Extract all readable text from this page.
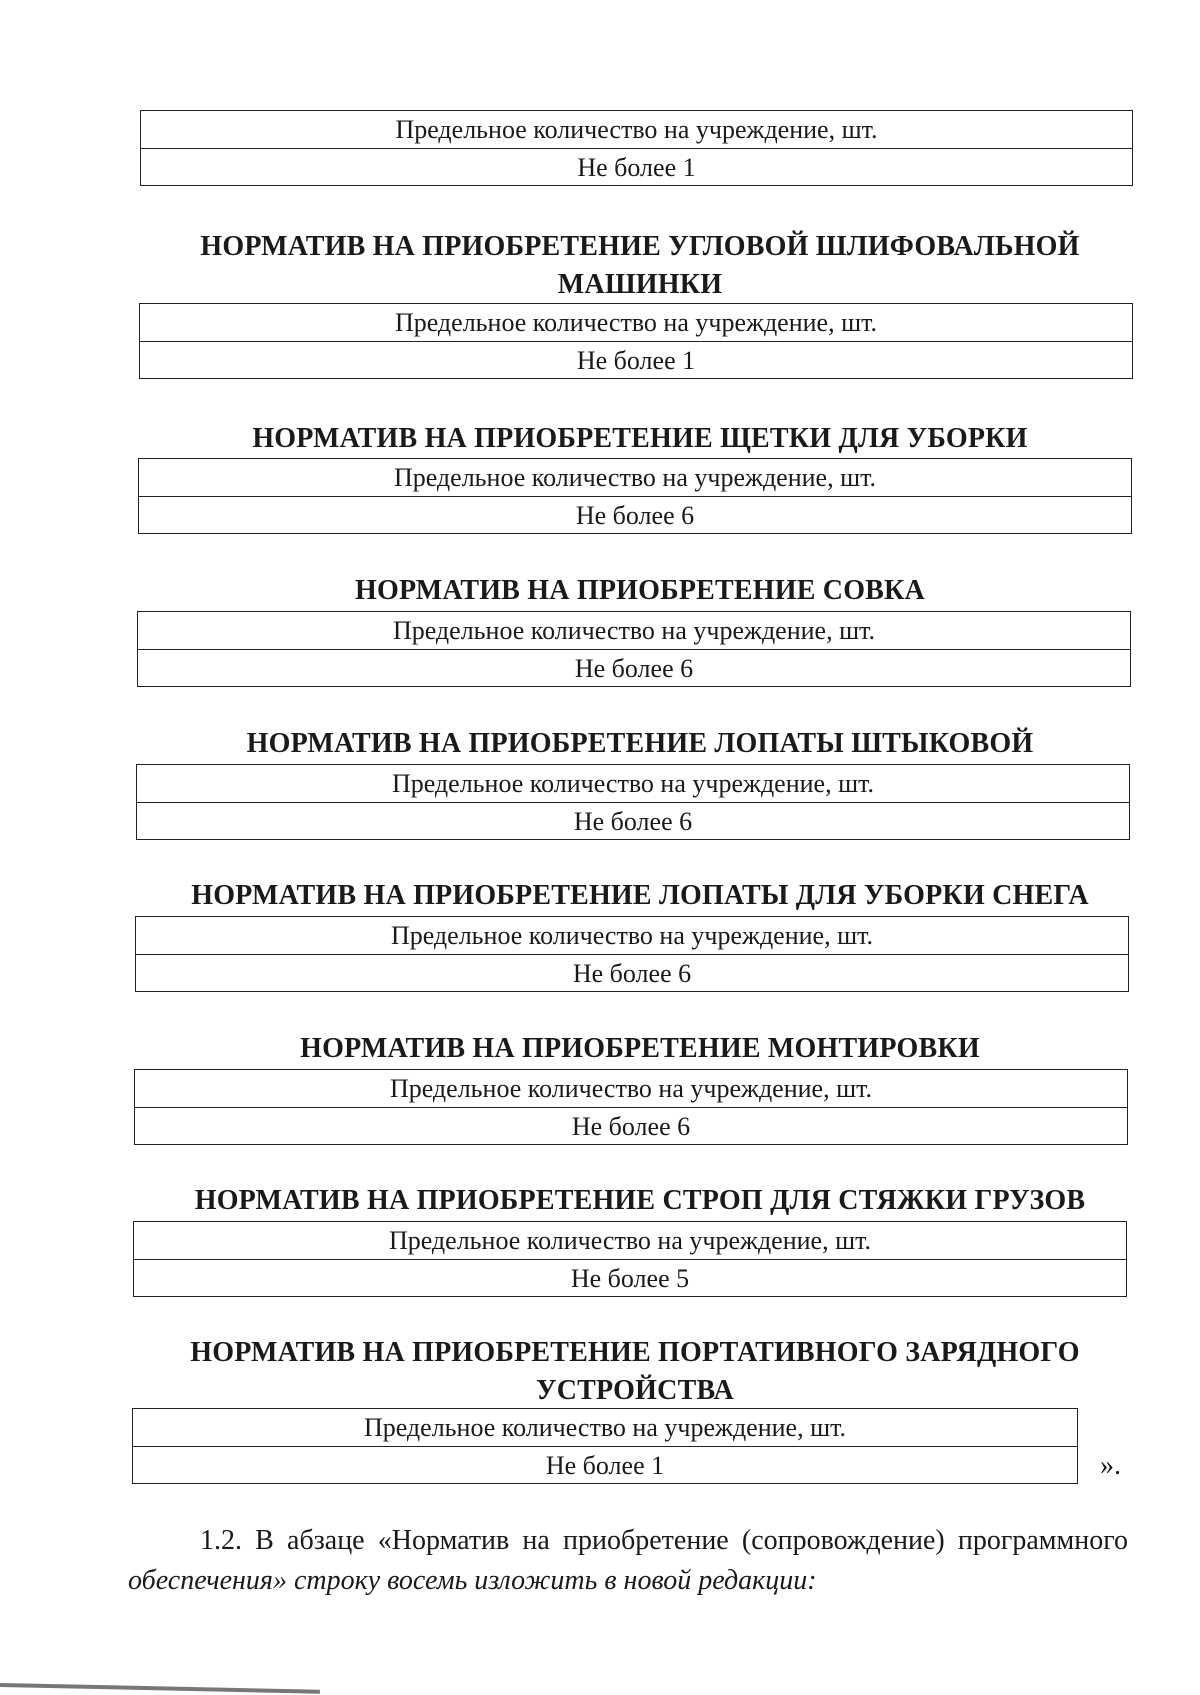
Предельное количество на учреждение, шт.
Не более 1
НОРМАТИВ НА ПРИОБРЕТЕНИЕ УГЛОВОЙ ШЛИФОВАЛЬНОЙ МАШИНКИ
Предельное количество на учреждение, шт.
Не более 1
НОРМАТИВ НА ПРИОБРЕТЕНИЕ ЩЕТКИ ДЛЯ УБОРКИ
Предельное количество на учреждение, шт.
Не более 6
НОРМАТИВ НА ПРИОБРЕТЕНИЕ СОВКА
Предельное количество на учреждение, шт.
Не более 6
НОРМАТИВ НА ПРИОБРЕТЕНИЕ ЛОПАТЫ ШТЫКОВОЙ
Предельное количество на учреждение, шт.
Не более 6
НОРМАТИВ НА ПРИОБРЕТЕНИЕ ЛОПАТЫ ДЛЯ УБОРКИ СНЕГА
Предельное количество на учреждение, шт.
Не более 6
НОРМАТИВ НА ПРИОБРЕТЕНИЕ МОНТИРОВКИ
Предельное количество на учреждение, шт.
Не более 6
НОРМАТИВ НА ПРИОБРЕТЕНИЕ СТРОП ДЛЯ СТЯЖКИ ГРУЗОВ
Предельное количество на учреждение, шт.
Не более 5
НОРМАТИВ НА ПРИОБРЕТЕНИЕ ПОРТАТИВНОГО ЗАРЯДНОГО УСТРОЙСТВА
Предельное количество на учреждение, шт.
Не более 1	».
1.2. В абзаце «Норматив на приобретение (сопровождение) программного
обеспечения» строку восемь изложить в новой редакции:
